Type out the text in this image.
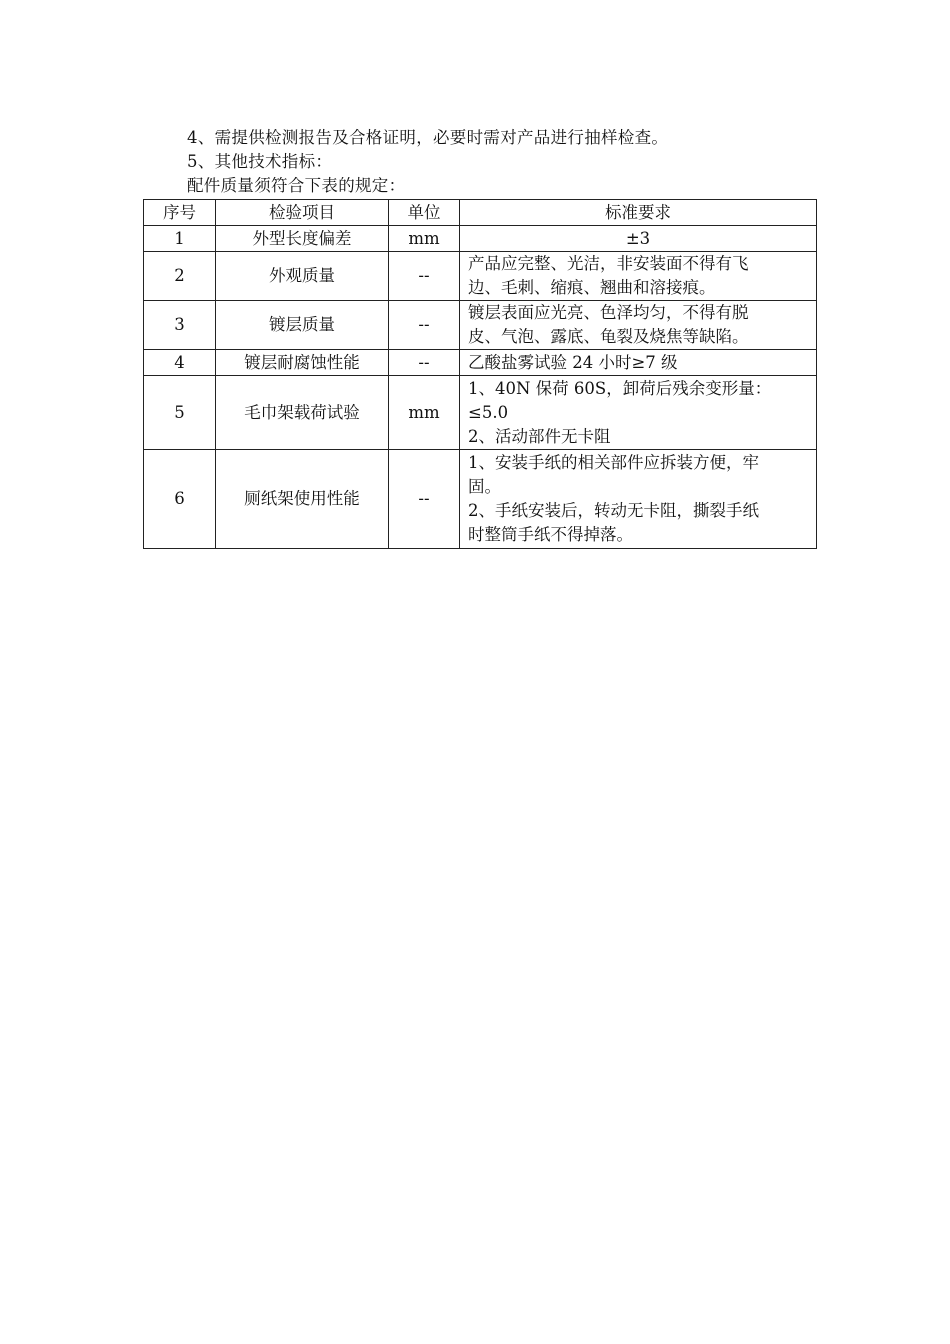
4、需提供检测报告及合格证明，必要时需对产品进行抽样检查。
5、其他技术指标：
配件质量须符合下表的规定：
序号	检验项目	单位	标准要求
1	外型长度偏差	mm	±3

2	外观质量	--	产品应完整、光洁，非安装面不得有飞
边、毛刺、缩痕、翘曲和溶接痕。

3	镀层质量	--	镀层表面应光亮、色泽均匀，不得有脱
皮、气泡、露底、龟裂及烧焦等缺陷。

4	镀层耐腐蚀性能	--	乙酸盐雾试验 24 小时≥7 级

5	毛巾架载荷试验	mm	1、40N 保荷 60S，卸荷后残余变形量：
≤5.0
2、活动部件无卡阻

6	厕纸架使用性能	--	1、安装手纸的相关部件应拆装方便，牢
固。
2、手纸安装后，转动无卡阻，撕裂手纸
时整筒手纸不得掉落。
